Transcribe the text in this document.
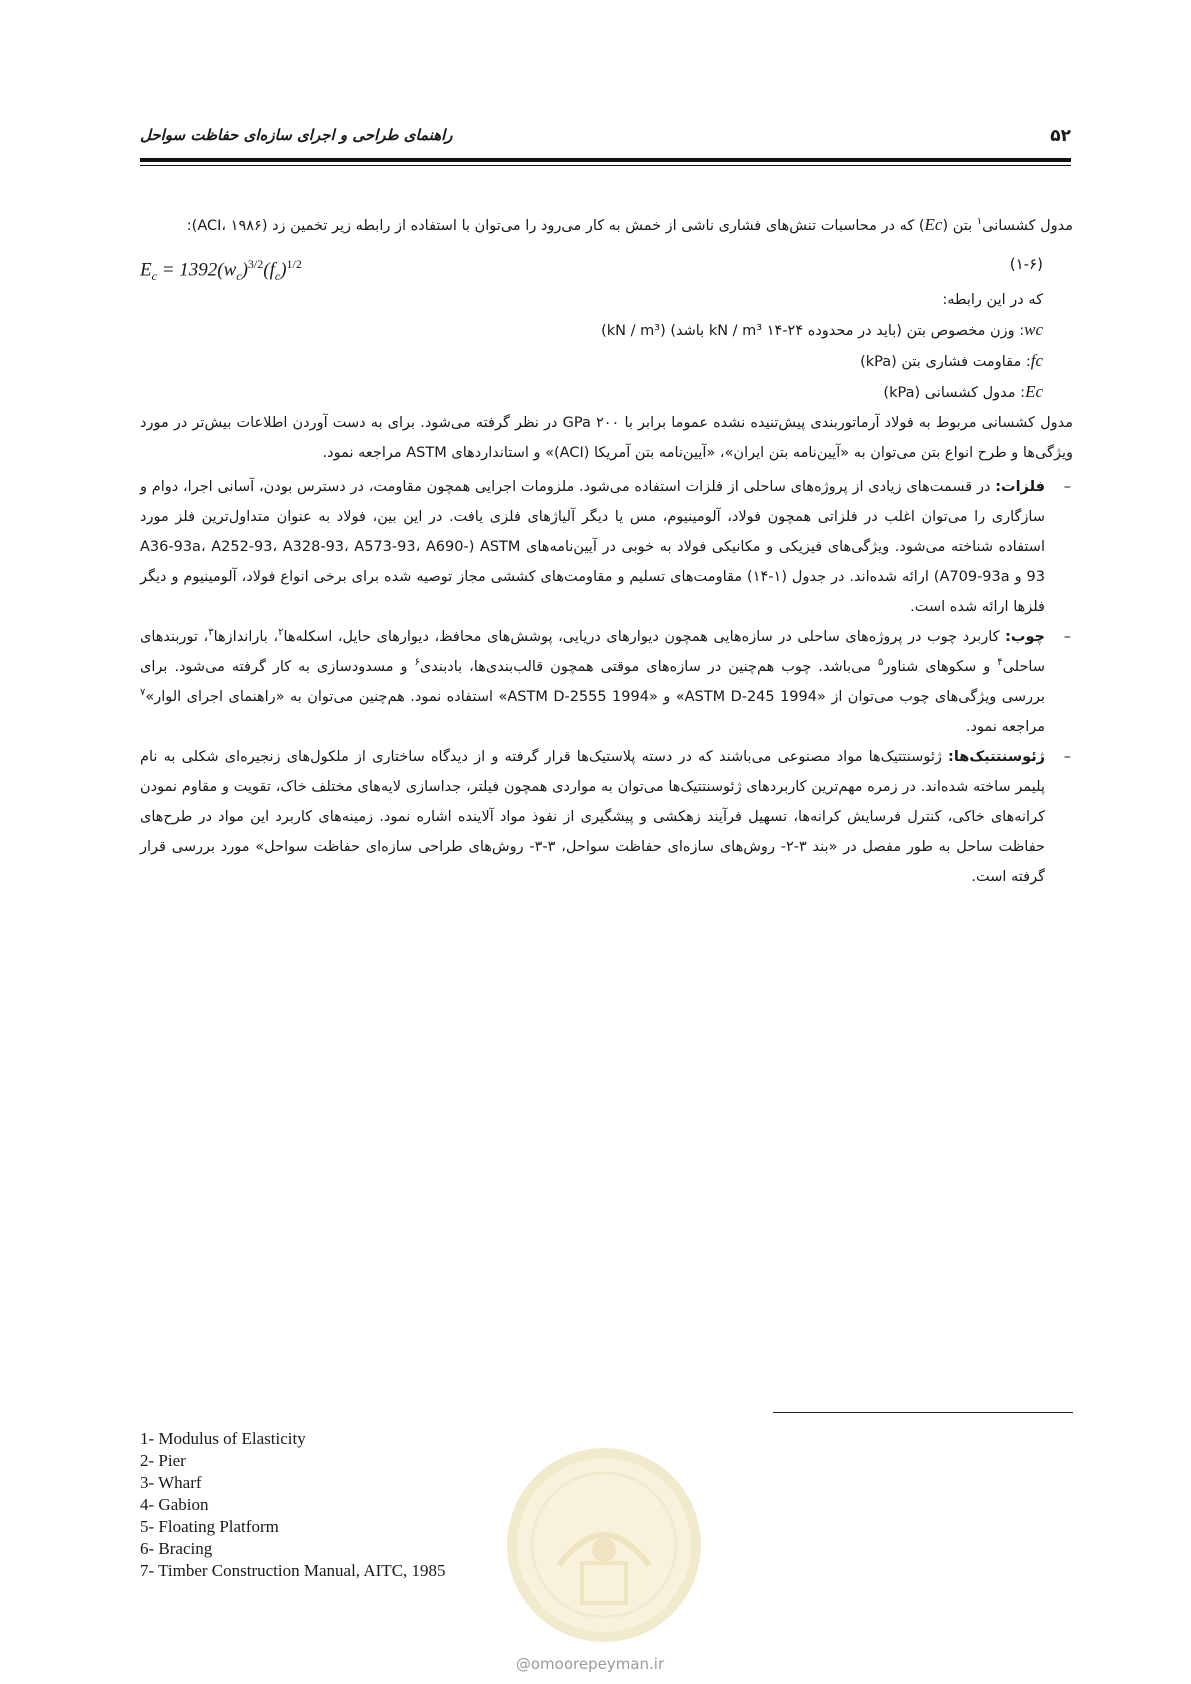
راهنمای طراحی و اجرای سازه‌ای حفاظت سواحل	۵۲

مدول کشسانی$^۱$ بتن (Ec) که در محاسبات تنش‌های فشاری ناشی از خمش به کار می‌رود را می‌توان با استفاده از رابطه زیر تخمین زد (ACI، ۱۹۸۶):

$E_c = 1392(w_c)^{3/2}(f_c)^{1/2}$	(۱-۶)
که در این رابطه:
wc: وزن مخصوص بتن (باید در محدوده ۲۴-۱۴ kN / m³ باشد) (kN / m³)
fc: مقاومت فشاری بتن (kPa)
Ec: مدول کشسانی (kPa)

مدول کشسانی مربوط به فولاد آرماتوربندی پیش‌تنیده نشده عموما برابر با ۲۰۰ GPa در نظر گرفته می‌شود. برای به دست آوردن اطلاعات بیش‌تر در مورد ویژگی‌ها و طرح انواع بتن می‌توان به «آیین‌نامه بتن ایران»، «آیین‌نامه بتن آمریکا (ACI)» و استانداردهای ASTM مراجعه نمود.

–
فلزات: در قسمت‌های زیادی از پروژه‌های ساحلی از فلزات استفاده می‌شود. ملزومات اجرایی همچون مقاومت، در دسترس بودن، آسانی اجرا، دوام و سازگاری را می‌توان اغلب در فلزاتی همچون فولاد، آلومینیوم، مس یا دیگر آلیاژهای فلزی یافت. در این بین، فولاد به عنوان متداول‌ترین فلز مورد استفاده شناخته می‌شود. ویژگی‌های فیزیکی و مکانیکی فولاد به خوبی در آیین‌نامه‌های ASTM (A36-93a، A252-93، A328-93، A573-93، A690-93 و A709-93a) ارائه شده‌اند. در جدول (۱-۱۴) مقاومت‌های تسلیم و مقاومت‌های کششی مجاز توصیه شده برای برخی انواع فولاد، آلومینیوم و دیگر فلزها ارائه شده است.

–
چوب: کاربرد چوب در پروژه‌های ساحلی در سازه‌هایی همچون دیوارهای دریایی، پوشش‌های محافظ، دیوارهای حایل، اسکله‌ها$^۲$، باراندازها$^۳$، توربندهای ساحلی$^۴$ و سکوهای شناور$^۵$ می‌باشد. چوب هم‌چنین در سازه‌های موقتی همچون قالب‌بندی‌ها، بادبندی$^۶$ و مسدودسازی به کار گرفته می‌شود. برای بررسی ویژگی‌های چوب می‌توان از «ASTM D-245 1994» و «ASTM D-2555 1994» استفاده نمود. هم‌چنین می‌توان به «راهنمای اجرای الوار»$^۷$ مراجعه نمود.

–
ژئوسنتتیک‌ها: ژئوسنتتیک‌ها مواد مصنوعی می‌باشند که در دسته پلاستیک‌ها قرار گرفته و از دیدگاه ساختاری از ملکول‌های زنجیره‌ای شکلی به نام پلیمر ساخته شده‌اند. در زمره مهم‌ترین کاربردهای ژئوسنتتیک‌ها می‌توان به مواردی همچون فیلتر، جداسازی لایه‌های مختلف خاک، تقویت و مقاوم نمودن کرانه‌های خاکی، کنترل فرسایش کرانه‌ها، تسهیل فرآیند زهکشی و پیشگیری از نفوذ مواد آلاینده اشاره نمود. زمینه‌های کاربرد این مواد در طرح‌های حفاظت ساحل به طور مفصل در «بند ۳-۲- روش‌های سازه‌ای حفاظت سواحل، ۳-۳- روش‌های طراحی سازه‌ای حفاظت سواحل» مورد بررسی قرار گرفته است.

1- Modulus of Elasticity
2- Pier
3- Wharf
4- Gabion
5- Floating Platform
6- Bracing
7- Timber Construction Manual, AITC, 1985
@omoorepeyman.ir
